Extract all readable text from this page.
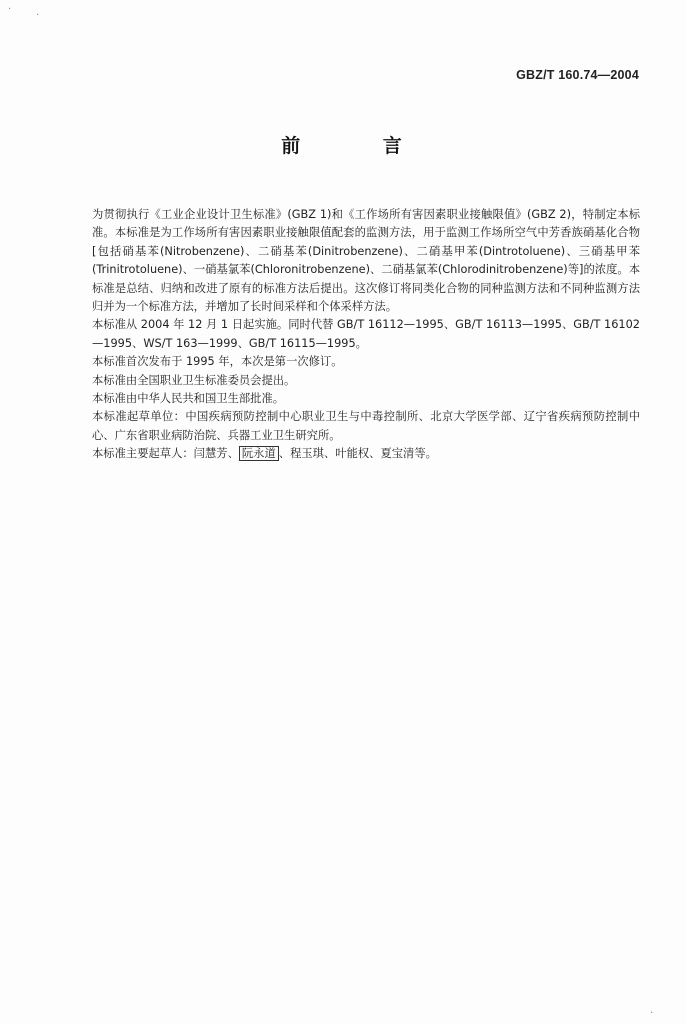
GBZ/T 160.74—2004
前 言

为贯彻执行《工业企业设计卫生标准》(GBZ 1)和《工作场所有害因素职业接触限值》(GBZ 2)，特制定本标准。本标准是为工作场所有害因素职业接触限值配套的监测方法，用于监测工作场所空气中芳香族硝基化合物[包括硝基苯(Nitrobenzene)、二硝基苯(Dinitrobenzene)、二硝基甲苯(Dintrotoluene)、三硝基甲苯(Trinitrotoluene)、一硝基氯苯(Chloronitrobenzene)、二硝基氯苯(Chlorodinitrobenzene)等]的浓度。本标准是总结、归纳和改进了原有的标准方法后提出。这次修订将同类化合物的同种监测方法和不同种监测方法归并为一个标准方法，并增加了长时间采样和个体采样方法。

本标准从 2004 年 12 月 1 日起实施。同时代替 GB/T 16112—1995、GB/T 16113—1995、GB/T 16102—1995、WS/T 163—1999、GB/T 16115—1995。

本标准首次发布于 1995 年，本次是第一次修订。

本标准由全国职业卫生标准委员会提出。

本标准由中华人民共和国卫生部批准。

本标准起草单位：中国疾病预防控制中心职业卫生与中毒控制所、北京大学医学部、辽宁省疾病预防控制中心、广东省职业病防治院、兵器工业卫生研究所。

本标准主要起草人：闫慧芳、 阮永道 、程玉琪、叶能权、夏宝清等。

·
·
·
